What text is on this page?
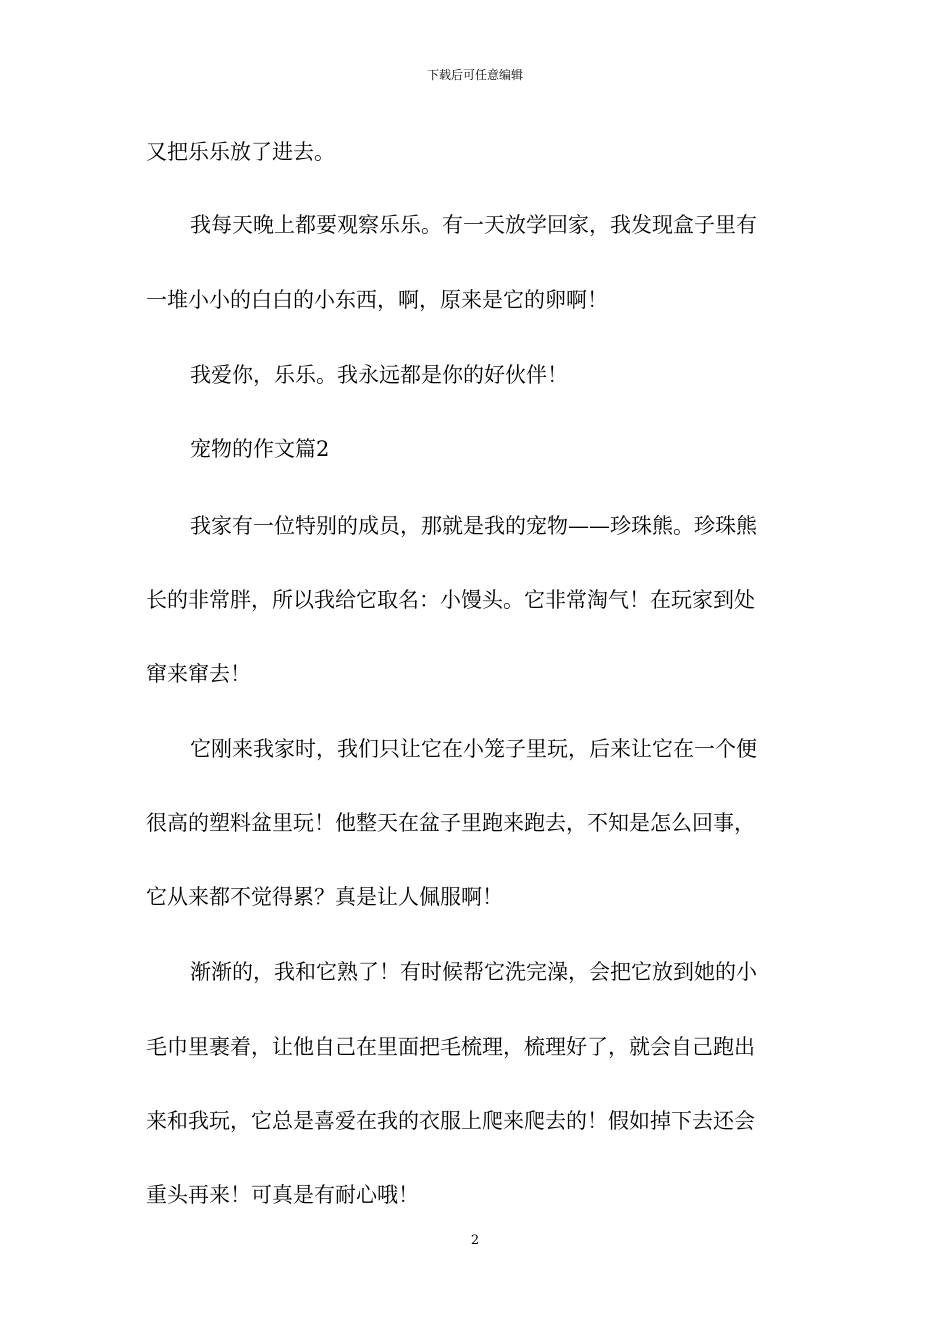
下载后可任意编辑
又把乐乐放了进去。
我每天晚上都要观察乐乐。有一天放学回家，我发现盒子里有
一堆小小的白白的小东西，啊，原来是它的卵啊！
我爱你，乐乐。我永远都是你的好伙伴！
宠物的作文篇2
我家有一位特别的成员，那就是我的宠物——珍珠熊。珍珠熊
长的非常胖，所以我给它取名：小馒头。它非常淘气！在玩家到处
窜来窜去！
它刚来我家时，我们只让它在小笼子里玩，后来让它在一个便
很高的塑料盆里玩！他整天在盆子里跑来跑去，不知是怎么回事，
它从来都不觉得累？真是让人佩服啊！
渐渐的，我和它熟了！有时候帮它洗完澡，会把它放到她的小
毛巾里裹着，让他自己在里面把毛梳理，梳理好了，就会自己跑出
来和我玩，它总是喜爱在我的衣服上爬来爬去的！假如掉下去还会
重头再来！可真是有耐心哦！
2
